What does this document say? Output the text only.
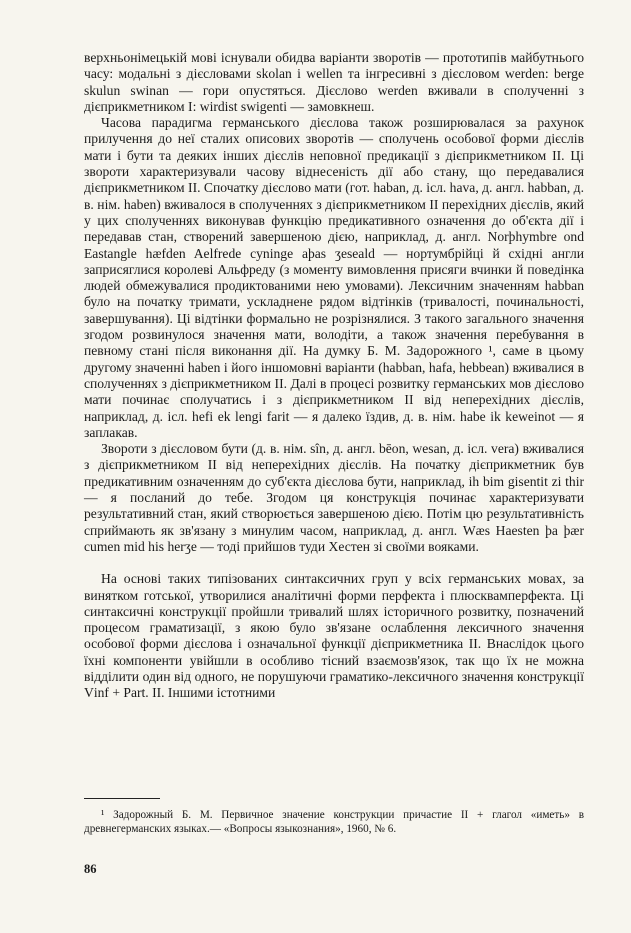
верхньонімецькій мові існували обидва варіанти зворотів — прототипів майбутнього часу: модальні з дієсловами skolan і wellen та інгресивні з дієсловом werden: berge skulun swinan — гори опустяться. Дієслово werden вживали в сполученні з дієприкметником I: wirdist swigenti — замовкнеш.

Часова парадигма германського дієслова також розширювалася за рахунок прилучення до неї сталих описових зворотів — сполучень особової форми дієслів мати і бути та деяких інших дієслів неповної предикації з дієприкметником II. Ці звороти характеризували часову віднесеність дії або стану, що передавалися дієприкметником II. Спочатку дієслово мати (гот. haban, д. icл. hava, д. англ. habban, д. в. нім. haben) вживалося в сполученнях з дієприкметником II перехідних дієслів, який у цих сполученнях виконував функцію предикативного означення до об'єкта дії і передавав стан, створений завершеною дією, наприклад, д. англ. Norþhymbre ond Eastangle hæfden Aelfrede cyninge aþas ʒeseald — нортумбрійці й східні англи заприсяглися королеві Альфреду (з моменту вимовлення присяги вчинки й поведінка людей обмежувалися продиктованими нею умовами). Лексичним значенням habban було на початку тримати, ускладнене рядом відтінків (тривалості, починальності, завершування). Ці відтінки формально не розрізнялися. З такого загального значення згодом розвинулося значення мати, володіти, а також значення перебування в певному стані після виконання дії. На думку Б. М. Задорожного ¹, саме в цьому другому значенні haben і його іншомовні варіанти (habban, hafa, hebbean) вживалися в сполученнях з дієприкметником II. Далі в процесі розвитку германських мов дієслово мати починає сполучатись і з дієприкметником II від неперехідних дієслів, наприклад, д. icл. hefi ek lengi farit — я далеко їздив, д. в. нім. habe ik keweinot — я заплакав.

Звороти з дієсловом бути (д. в. нім. sîn, д. англ. bēon, wesan, д. icл. vera) вживалися з дієприкметником II від неперехідних дієслів. На початку дієприкметник був предикативним означенням до суб'єкта дієслова бути, наприклад, ih bim gisentit zi thir — я посланий до тебе. Згодом ця конструкція починає характеризувати результативний стан, який створюється завершеною дією. Потім цю результативність сприймають як зв'язану з минулим часом, наприклад, д. англ. Wæs Haesten þa þær cumen mid his herʒe — тоді прийшов туди Хестен зі своїми вояками.

На основі таких типізованих синтаксичних груп у всіх германських мовах, за винятком готської, утворилися аналітичні форми перфекта і плюсквамперфекта. Ці синтаксичні конструкції пройшли тривалий шлях історичного розвитку, позначений процесом граматизації, з якою було зв'язане ослаблення лексичного значення особової форми дієслова і означальної функції дієприкметника II. Внаслідок цього їхні компоненти увійшли в особливо тісний взаємозв'язок, так що їх не можна відділити один від одного, не порушуючи граматико-лексичного значення конструкції Vіnf + Part. II. Іншими істотними

¹ Задорожный Б. М. Первичное значение конструкции причастие II + глагол «иметь» в древнегерманских языках.— «Вопросы языкознания», 1960, № 6.
86
